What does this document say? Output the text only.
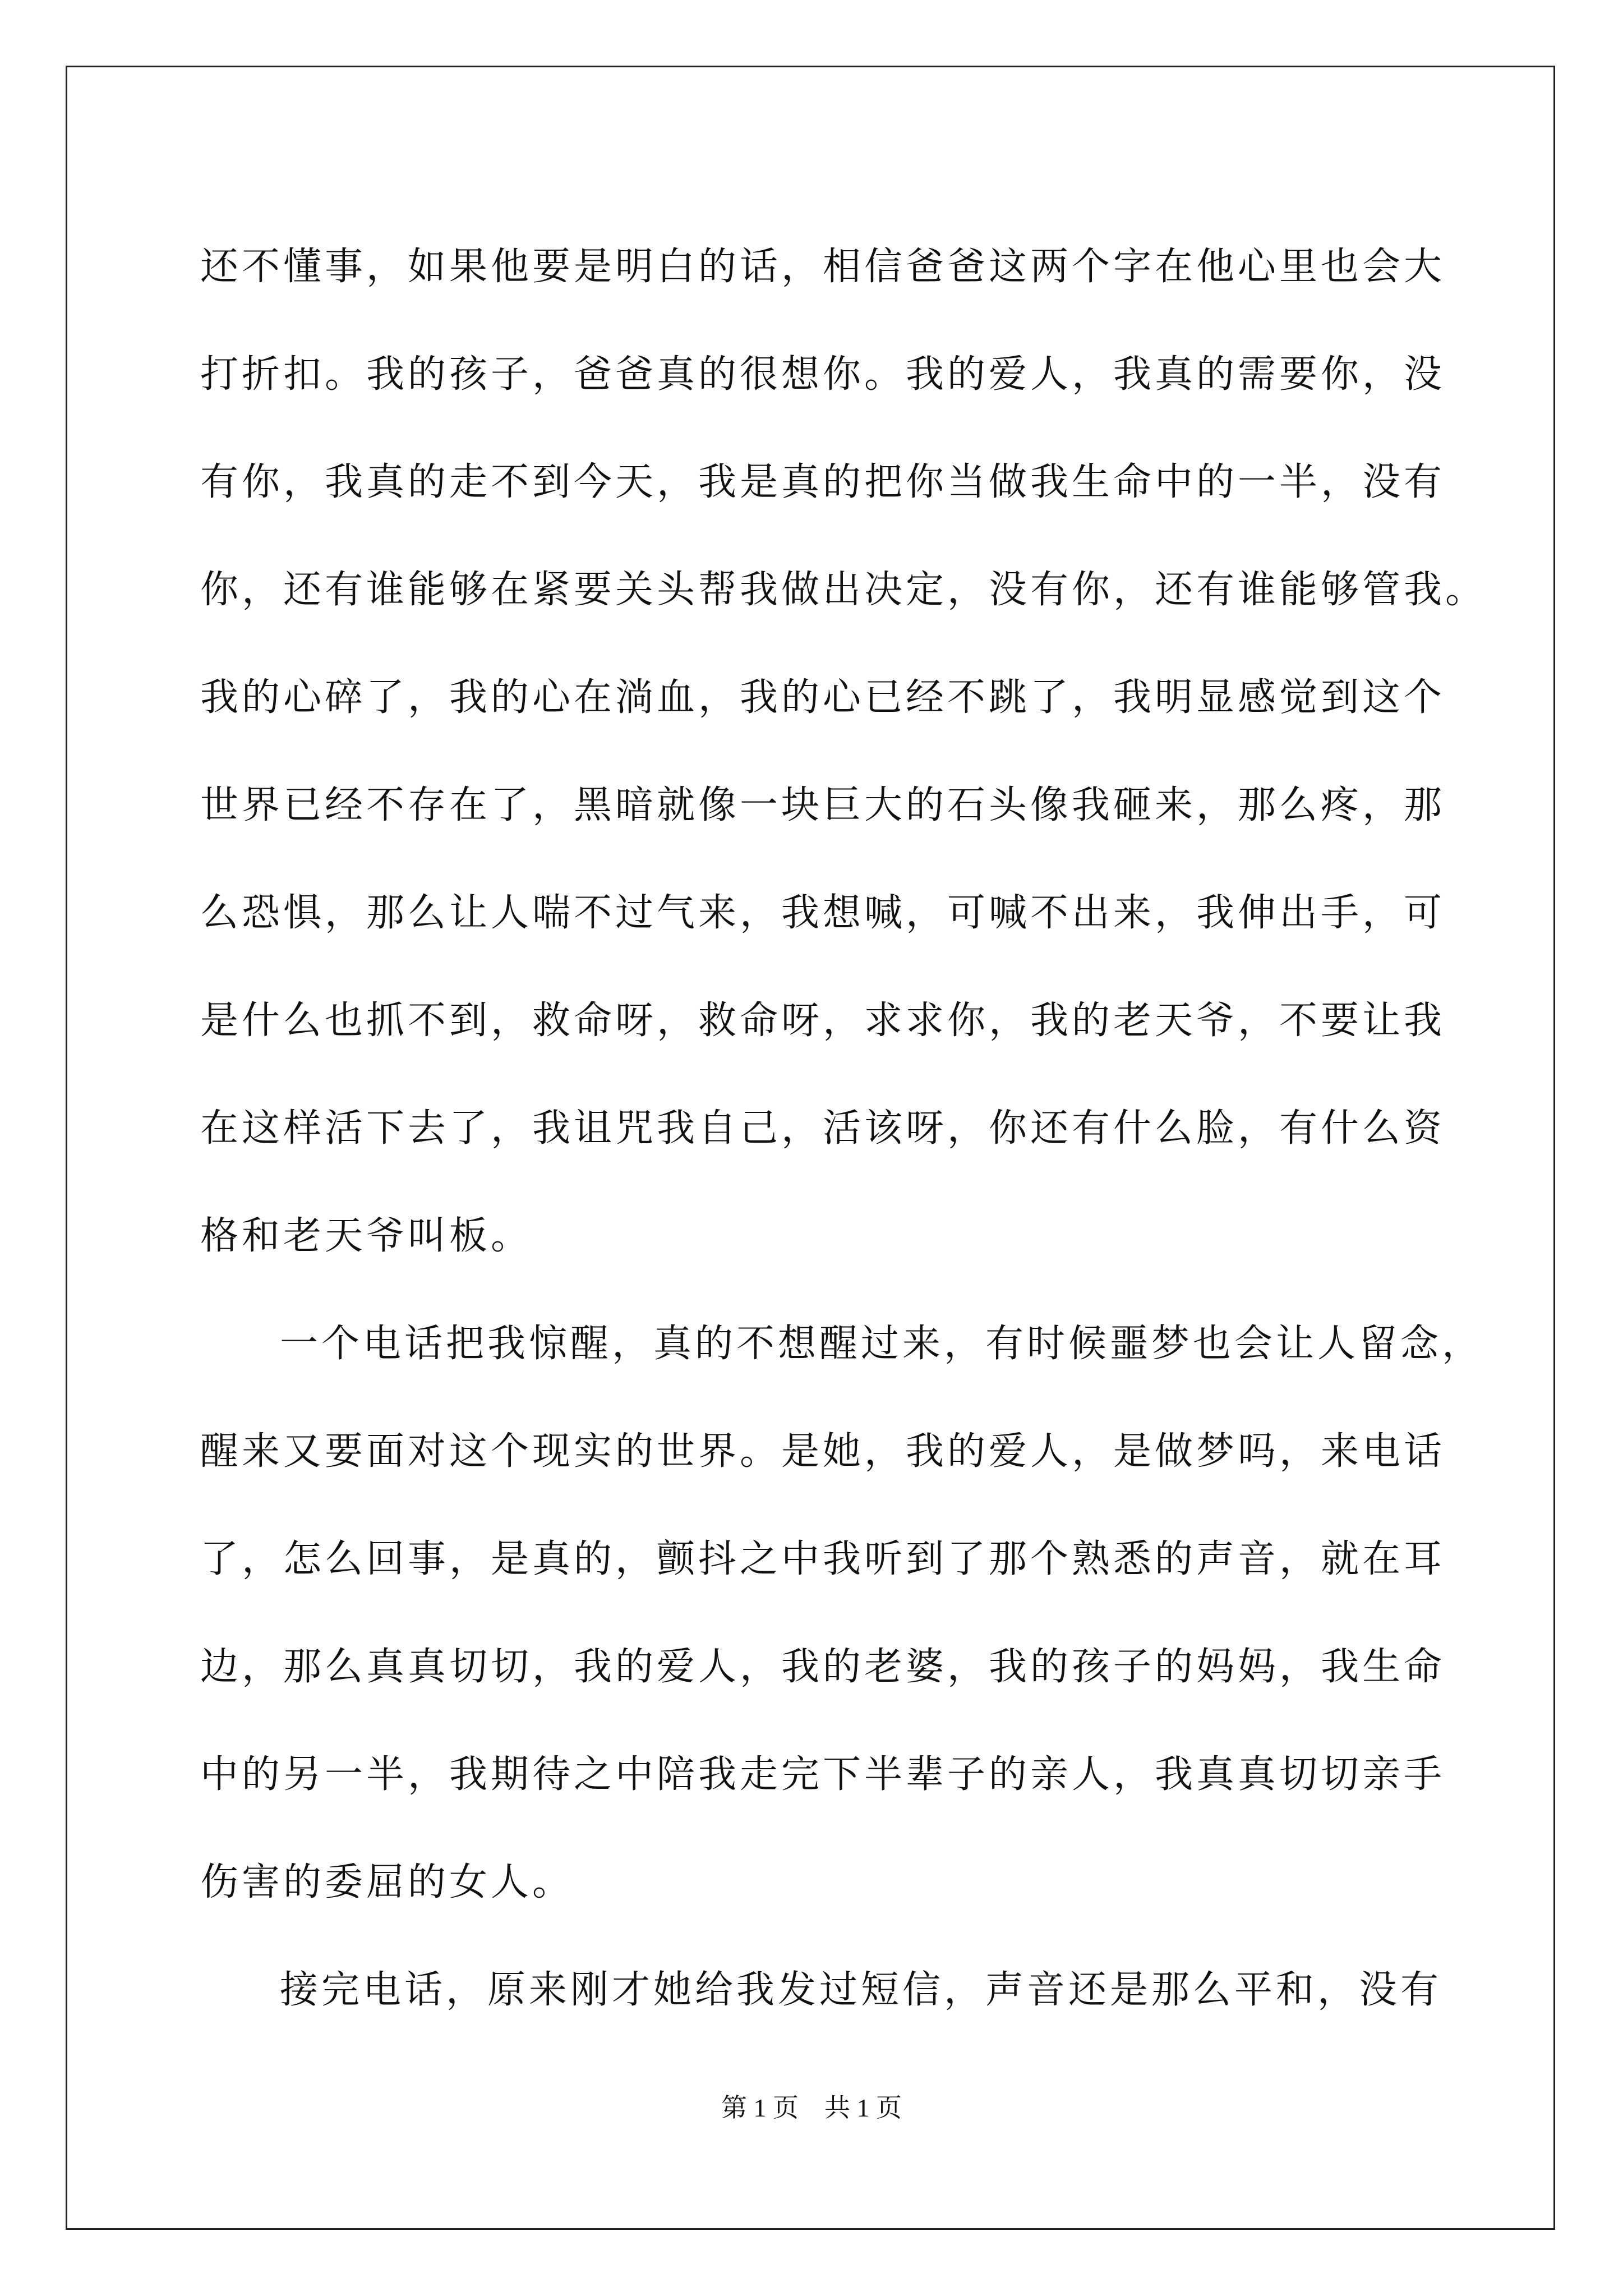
还不懂事，如果他要是明白的话，相信爸爸这两个字在他心里也会大
打折扣。我的孩子，爸爸真的很想你。我的爱人，我真的需要你，没
有你，我真的走不到今天，我是真的把你当做我生命中的一半，没有
你，还有谁能够在紧要关头帮我做出决定，没有你，还有谁能够管我。
我的心碎了，我的心在淌血，我的心已经不跳了，我明显感觉到这个
世界已经不存在了，黑暗就像一块巨大的石头像我砸来，那么疼，那
么恐惧，那么让人喘不过气来，我想喊，可喊不出来，我伸出手，可
是什么也抓不到，救命呀，救命呀，求求你，我的老天爷，不要让我
在这样活下去了，我诅咒我自己，活该呀，你还有什么脸，有什么资
格和老天爷叫板。
一个电话把我惊醒，真的不想醒过来，有时候噩梦也会让人留念，
醒来又要面对这个现实的世界。是她，我的爱人，是做梦吗，来电话
了，怎么回事，是真的，颤抖之中我听到了那个熟悉的声音，就在耳
边，那么真真切切，我的爱人，我的老婆，我的孩子的妈妈，我生命
中的另一半，我期待之中陪我走完下半辈子的亲人，我真真切切亲手
伤害的委屈的女人。
接完电话，原来刚才她给我发过短信，声音还是那么平和，没有
第 1 页　共 1 页
